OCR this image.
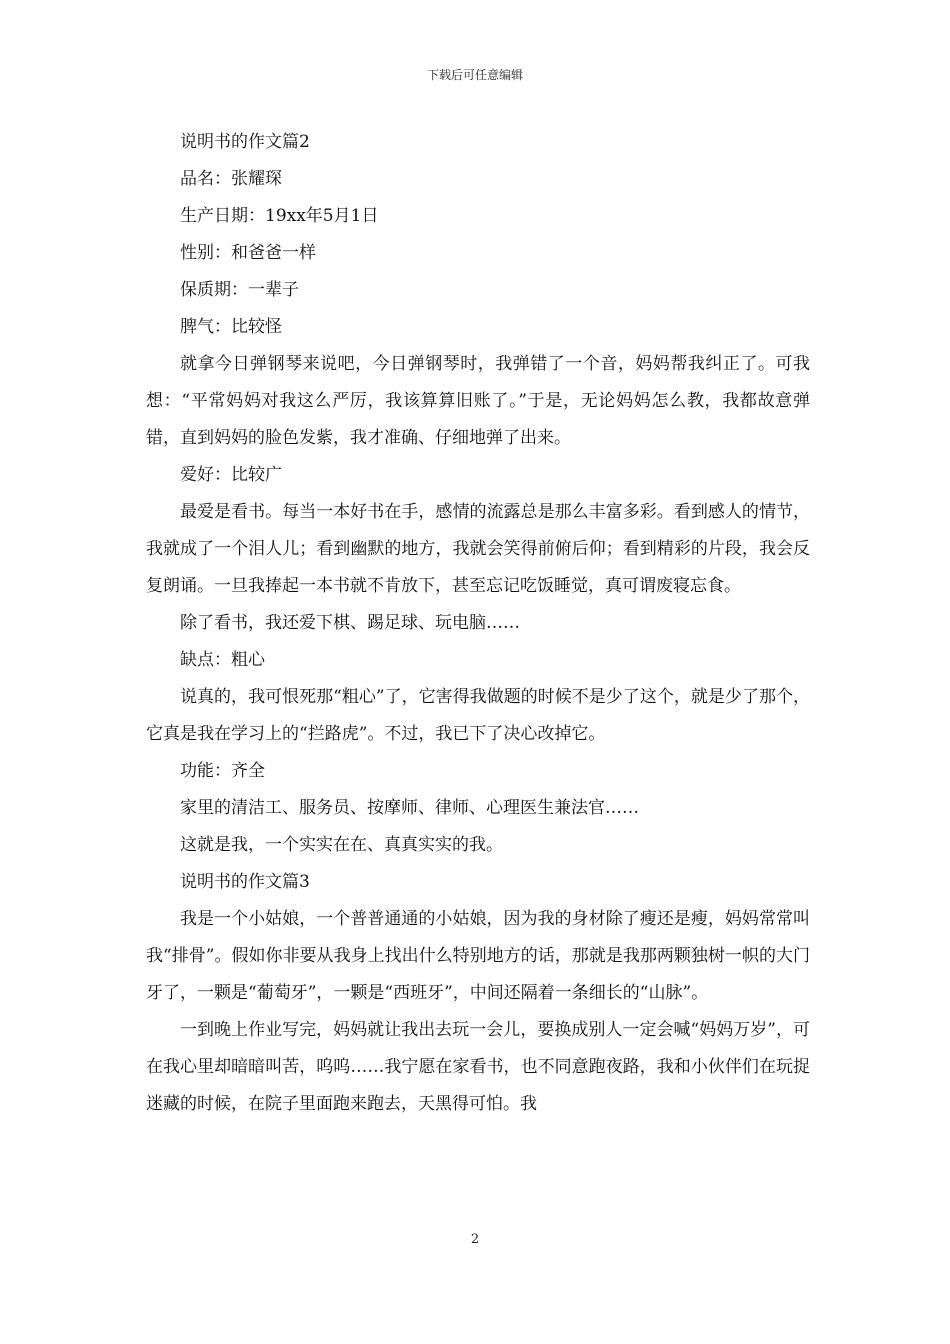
下载后可任意编辑

说明书的作文篇2

品名：张耀琛

生产日期：19xx年5月1日

性别：和爸爸一样

保质期：一辈子

脾气：比较怪

就拿今日弹钢琴来说吧，今日弹钢琴时，我弹错了一个音，妈妈帮我纠正了。可我想：“平常妈妈对我这么严厉，我该算算旧账了。”于是，无论妈妈怎么教，我都故意弹错，直到妈妈的脸色发紫，我才准确、仔细地弹了出来。

爱好：比较广

最爱是看书。每当一本好书在手，感情的流露总是那么丰富多彩。看到感人的情节，我就成了一个泪人儿；看到幽默的地方，我就会笑得前俯后仰；看到精彩的片段，我会反复朗诵。一旦我捧起一本书就不肯放下，甚至忘记吃饭睡觉，真可谓废寝忘食。

除了看书，我还爱下棋、踢足球、玩电脑……

缺点：粗心

说真的，我可恨死那“粗心”了，它害得我做题的时候不是少了这个，就是少了那个，它真是我在学习上的“拦路虎”。不过，我已下了决心改掉它。

功能：齐全

家里的清洁工、服务员、按摩师、律师、心理医生兼法官……

这就是我，一个实实在在、真真实实的我。

说明书的作文篇3

我是一个小姑娘，一个普普通通的小姑娘，因为我的身材除了瘦还是瘦，妈妈常常叫我“排骨”。假如你非要从我身上找出什么特别地方的话，那就是我那两颗独树一帜的大门牙了，一颗是“葡萄牙”，一颗是“西班牙”，中间还隔着一条细长的“山脉”。

一到晚上作业写完，妈妈就让我出去玩一会儿，要换成别人一定会喊“妈妈万岁”，可在我心里却暗暗叫苦，呜呜……我宁愿在家看书，也不同意跑夜路，我和小伙伴们在玩捉迷藏的时候，在院子里面跑来跑去，天黑得可怕。我

2
